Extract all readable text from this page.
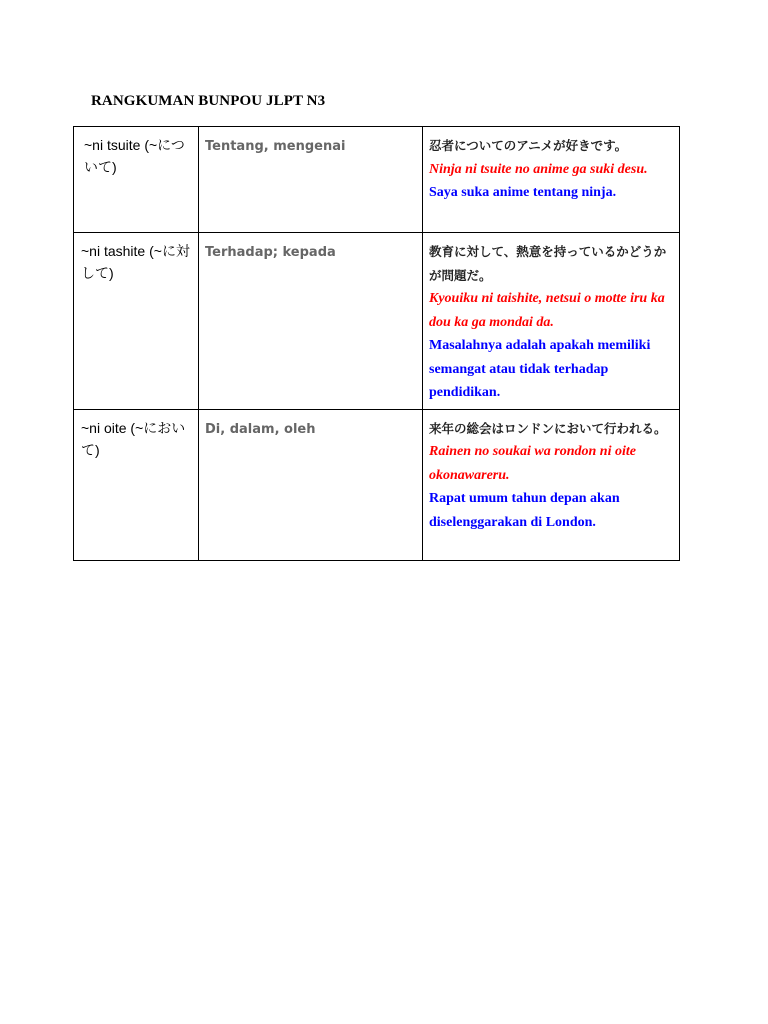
RANGKUMAN BUNPOU JLPT N3
~ni tsuite (~について)	Tentang, mengenai	忍者についてのアニメが好きです。
Ninja ni tsuite no anime ga suki desu.
Saya suka anime tentang ninja.

~ni tashite (~に対して)	Terhadap; kepada	教育に対して、熱意を持っているかどうかが問題だ。
Kyouiku ni taishite, netsui o motte iru ka dou ka ga mondai da.
Masalahnya adalah apakah memiliki semangat atau tidak terhadap pendidikan.

~ni oite (~において)	Di, dalam, oleh	来年の総会はロンドンにおいて行われる。
Rainen no soukai wa rondon ni oite okonawareru.
Rapat umum tahun depan akan diselenggarakan di London.
